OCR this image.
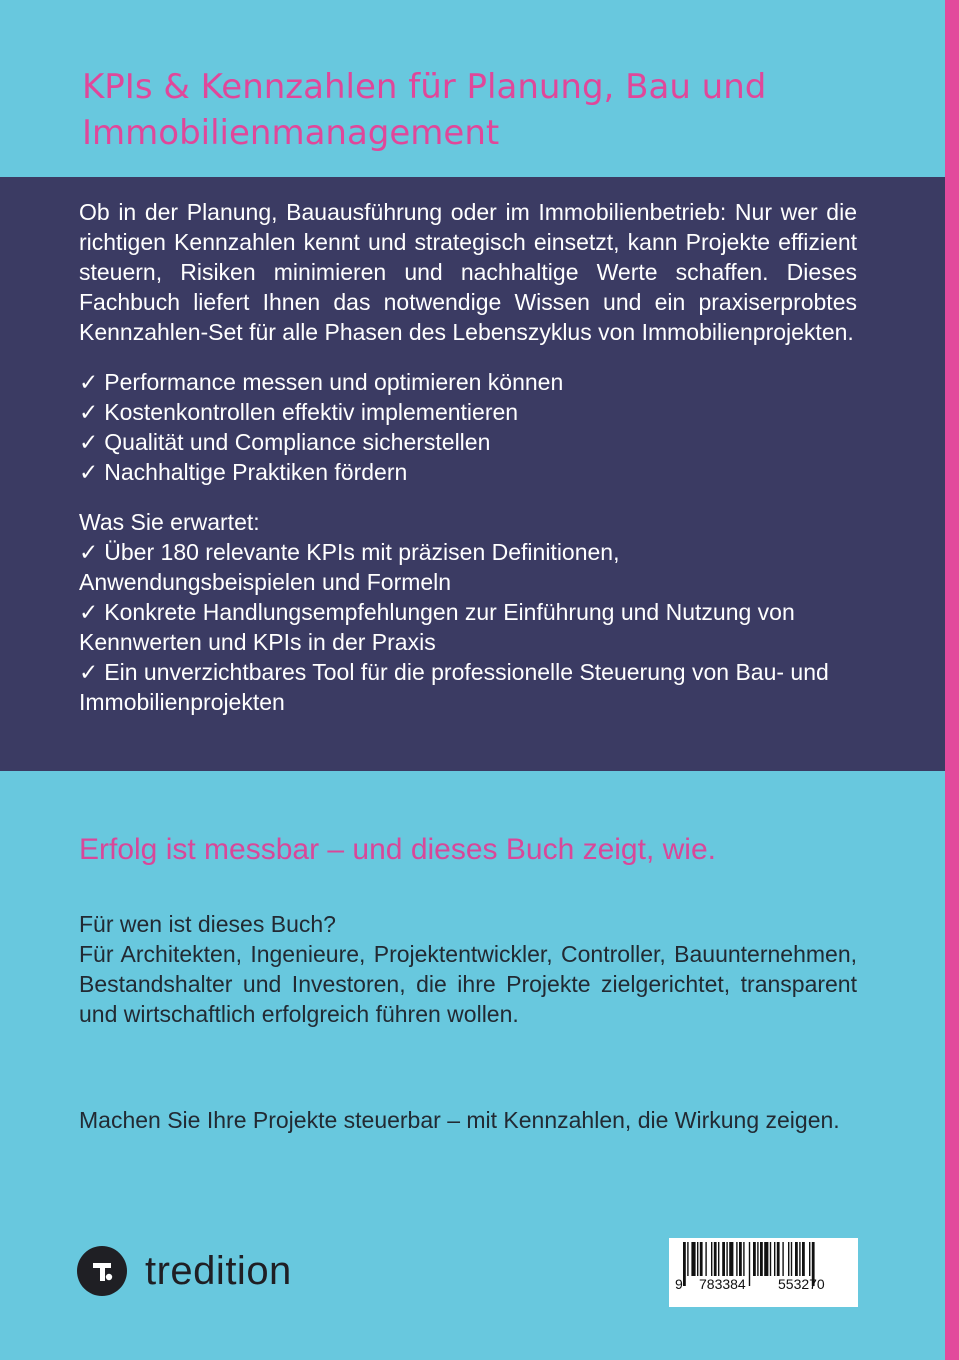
KPIs & Kennzahlen für Planung, Bau und Immobilienmanagement

Ob in der Planung, Bauausführung oder im Immobilienbetrieb: Nur wer die richtigen Kennzahlen kennt und strategisch einsetzt, kann Projekte effizient steuern, Risiken minimieren und nachhaltige Werte schaffen. Dieses Fachbuch liefert Ihnen das notwendige Wissen und ein praxiserprobtes Kennzahlen-Set für alle Phasen des Lebenszyklus von Immobilienprojekten.

✓ Performance messen und optimieren können
✓ Kostenkontrollen effektiv implementieren
✓ Qualität und Compliance sicherstellen
✓ Nachhaltige Praktiken fördern

Was Sie erwartet:

✓ Über 180 relevante KPIs mit präzisen Definitionen, Anwendungsbeispielen und Formeln
✓ Konkrete Handlungsempfehlungen zur Einführung und Nutzung von Kennwerten und KPIs in der Praxis
✓ Ein unverzichtbares Tool für die professionelle Steuerung von Bau- und Immobilienprojekten

Erfolg ist messbar – und dieses Buch zeigt, wie.

Für wen ist dieses Buch?

Für Architekten, Ingenieure, Projektentwickler, Controller, Bauunternehmen, Bestandshalter und Investoren, die ihre Projekte zielgerichtet, transparent und wirtschaftlich erfolgreich führen wollen.

Machen Sie Ihre Projekte steuerbar – mit Kennzahlen, die Wirkung zeigen.

tredition	9 783384 553270
